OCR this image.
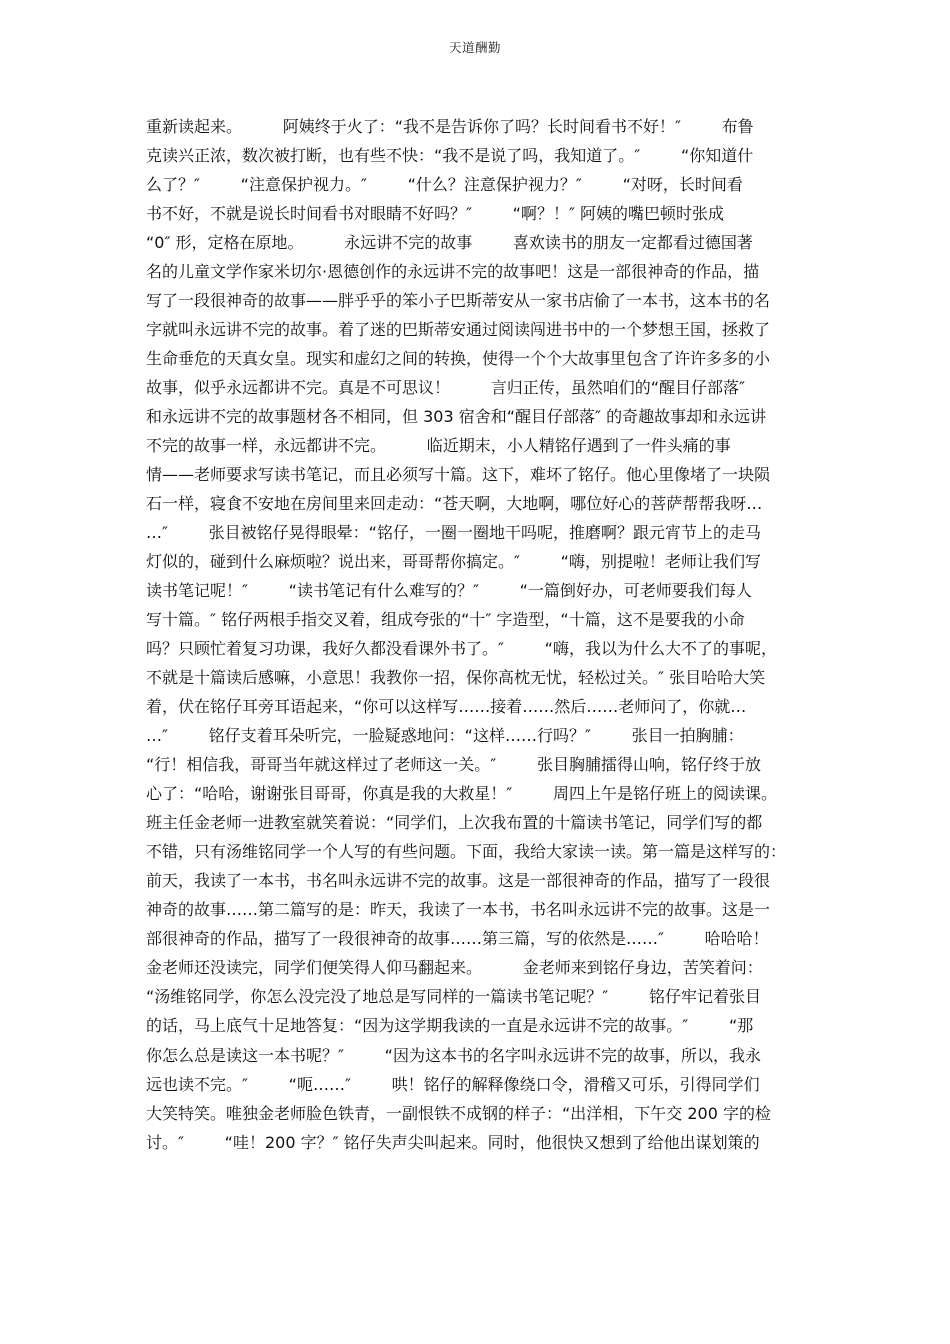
天道酬勤
重新读起来。        阿姨终于火了：“我不是告诉你了吗？长时间看书不好！″        布鲁
克读兴正浓，数次被打断，也有些不快：“我不是说了吗，我知道了。″        “你知道什
么了？″        “注意保护视力。″        “什么？注意保护视力？″        “对呀，长时间看
书不好，不就是说长时间看书对眼睛不好吗？″        “啊？！″ 阿姨的嘴巴顿时张成
“0″ 形，定格在原地。        永远讲不完的故事        喜欢读书的朋友一定都看过德国著
名的儿童文学作家米切尔·恩德创作的永远讲不完的故事吧！这是一部很神奇的作品，描
写了一段很神奇的故事——胖乎乎的笨小子巴斯蒂安从一家书店偷了一本书，这本书的名
字就叫永远讲不完的故事。着了迷的巴斯蒂安通过阅读闯进书中的一个梦想王国，拯救了
生命垂危的天真女皇。现实和虚幻之间的转换，使得一个个大故事里包含了许许多多的小
故事，似乎永远都讲不完。真是不可思议！        言归正传，虽然咱们的“醒目仔部落″
和永远讲不完的故事题材各不相同，但 303 宿舍和“醒目仔部落″ 的奇趣故事却和永远讲
不完的故事一样，永远都讲不完。        临近期末，小人精铭仔遇到了一件头痛的事
情——老师要求写读书笔记，而且必须写十篇。这下，难坏了铭仔。他心里像堵了一块陨
石一样，寝食不安地在房间里来回走动：“苍天啊，大地啊，哪位好心的菩萨帮帮我呀…
…″        张目被铭仔晃得眼晕：“铭仔，一圈一圈地干吗呢，推磨啊？跟元宵节上的走马
灯似的，碰到什么麻烦啦？说出来，哥哥帮你搞定。″        “嗨，别提啦！老师让我们写
读书笔记呢！″        “读书笔记有什么难写的？″        “一篇倒好办，可老师要我们每人
写十篇。″ 铭仔两根手指交叉着，组成夸张的“十″ 字造型，“十篇，这不是要我的小命
吗？只顾忙着复习功课，我好久都没看课外书了。″        “嗨，我以为什么大不了的事呢，
不就是十篇读后感嘛，小意思！我教你一招，保你高枕无忧，轻松过关。″ 张目哈哈大笑
着，伏在铭仔耳旁耳语起来，“你可以这样写……接着……然后……老师问了，你就…
…″        铭仔支着耳朵听完，一脸疑惑地问：“这样……行吗？″        张目一拍胸脯：
“行！相信我，哥哥当年就这样过了老师这一关。″        张目胸脯擂得山响，铭仔终于放
心了：“哈哈，谢谢张目哥哥，你真是我的大救星！″        周四上午是铭仔班上的阅读课。
班主任金老师一进教室就笑着说：“同学们，上次我布置的十篇读书笔记，同学们写的都
不错，只有汤维铭同学一个人写的有些问题。下面，我给大家读一读。第一篇是这样写的：
前天，我读了一本书，书名叫永远讲不完的故事。这是一部很神奇的作品，描写了一段很
神奇的故事……第二篇写的是：昨天，我读了一本书，书名叫永远讲不完的故事。这是一
部很神奇的作品，描写了一段很神奇的故事……第三篇，写的依然是……″        哈哈哈！
金老师还没读完，同学们便笑得人仰马翻起来。        金老师来到铭仔身边，苦笑着问：
“汤维铭同学，你怎么没完没了地总是写同样的一篇读书笔记呢？″        铭仔牢记着张目
的话，马上底气十足地答复：“因为这学期我读的一直是永远讲不完的故事。″        “那
你怎么总是读这一本书呢？″        “因为这本书的名字叫永远讲不完的故事，所以，我永
远也读不完。″        “呃……″        哄！铭仔的解释像绕口令，滑稽又可乐，引得同学们
大笑特笑。唯独金老师脸色铁青，一副恨铁不成钢的样子：“出洋相，下午交 200 字的检
讨。″        “哇！200 字？″ 铭仔失声尖叫起来。同时，他很快又想到了给他出谋划策的
